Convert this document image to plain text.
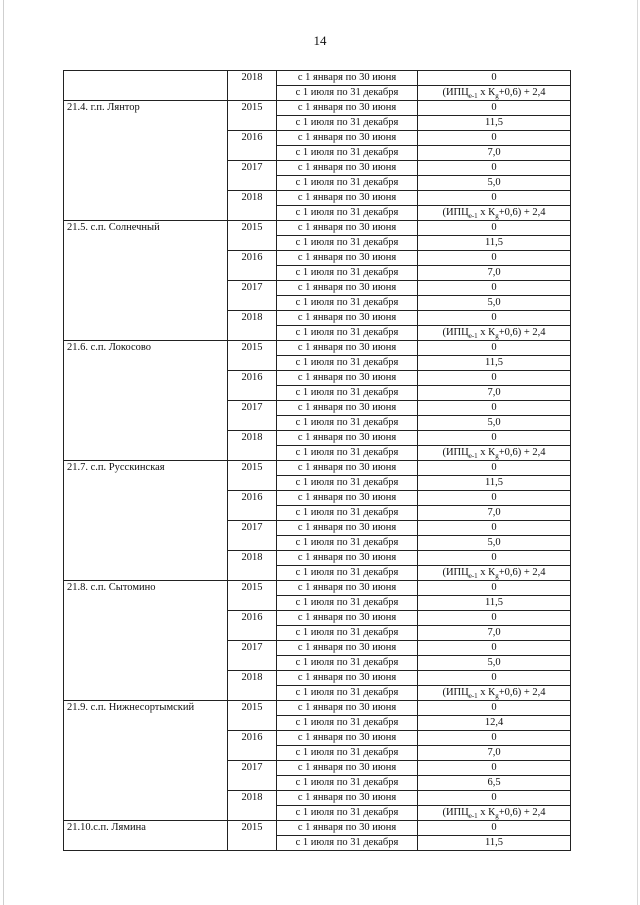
14
	2018	с 1 января по 30 июня	0
		с 1 июля по 31 декабря	($ИПЦ_{e-1}$ x $К_g+0,6) + 2,4$
21.4. г.п. Лянтор	2015	с 1 января по 30 июня	0
		с 1 июля по 31 декабря	11,5
	2016	с 1 января по 30 июня	0
		с 1 июля по 31 декабря	7,0
	2017	с 1 января по 30 июня	0
		с 1 июля по 31 декабря	5,0
	2018	с 1 января по 30 июня	0
		с 1 июля по 31 декабря	($ИПЦ_{e-1}$ x $К_g+0,6) + 2,4$
21.5. с.п. Солнечный	2015	с 1 января по 30 июня	0
		с 1 июля по 31 декабря	11,5
	2016	с 1 января по 30 июня	0
		с 1 июля по 31 декабря	7,0
	2017	с 1 января по 30 июня	0
		с 1 июля по 31 декабря	5,0
	2018	с 1 января по 30 июня	0
		с 1 июля по 31 декабря	($ИПЦ_{e-1}$ x $К_g+0,6) + 2,4$
21.6. с.п. Локосово	2015	с 1 января по 30 июня	0
		с 1 июля по 31 декабря	11,5
	2016	с 1 января по 30 июня	0
		с 1 июля по 31 декабря	7,0
	2017	с 1 января по 30 июня	0
		с 1 июля по 31 декабря	5,0
	2018	с 1 января по 30 июня	0
		с 1 июля по 31 декабря	($ИПЦ_{e-1}$ x $К_g+0,6) + 2,4$
21.7. с.п. Русскинская	2015	с 1 января по 30 июня	0
		с 1 июля по 31 декабря	11,5
	2016	с 1 января по 30 июня	0
		с 1 июля по 31 декабря	7,0
	2017	с 1 января по 30 июня	0
		с 1 июля по 31 декабря	5,0
	2018	с 1 января по 30 июня	0
		с 1 июля по 31 декабря	($ИПЦ_{e-1}$ x $К_g+0,6) + 2,4$
21.8. с.п. Сытомино	2015	с 1 января по 30 июня	0
		с 1 июля по 31 декабря	11,5
	2016	с 1 января по 30 июня	0
		с 1 июля по 31 декабря	7,0
	2017	с 1 января по 30 июня	0
		с 1 июля по 31 декабря	5,0
	2018	с 1 января по 30 июня	0
		с 1 июля по 31 декабря	($ИПЦ_{e-1}$ x $К_g+0,6) + 2,4$
21.9. с.п. Нижнесортымский	2015	с 1 января по 30 июня	0
		с 1 июля по 31 декабря	12,4
	2016	с 1 января по 30 июня	0
		с 1 июля по 31 декабря	7,0
	2017	с 1 января по 30 июня	0
		с 1 июля по 31 декабря	6,5
	2018	с 1 января по 30 июня	0
		с 1 июля по 31 декабря	($ИПЦ_{e-1}$ x $К_g+0,6) + 2,4$
21.10.с.п. Лямина	2015	с 1 января по 30 июня	0
		с 1 июля по 31 декабря	11,5
